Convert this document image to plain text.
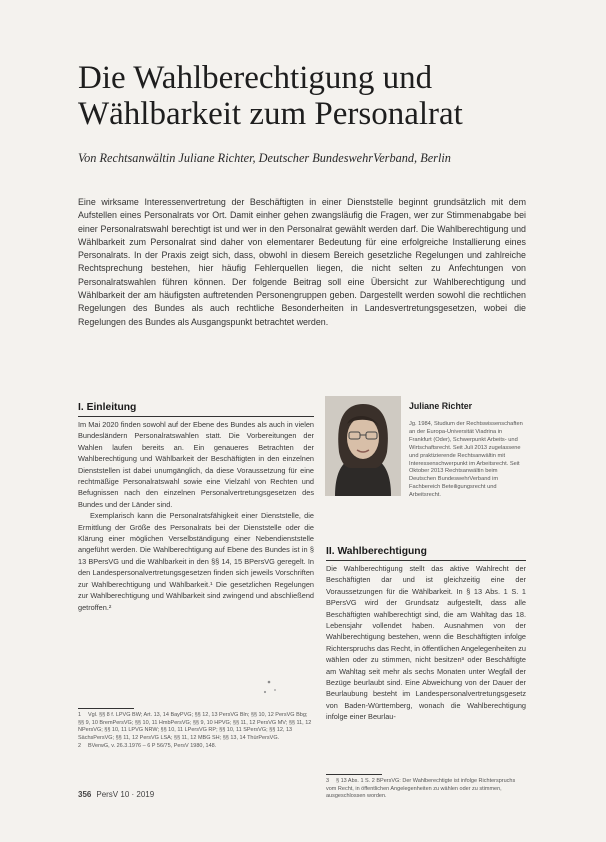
Die Wahlberechtigung und Wählbarkeit zum Personalrat

Von Rechtsanwältin Juliane Richter, Deutscher BundeswehrVerband, Berlin

Eine wirksame Interessenvertretung der Beschäftigten in einer Dienststelle beginnt grundsätzlich mit dem Aufstellen eines Personalrats vor Ort. Damit einher gehen zwangsläufig die Fragen, wer zur Stimmenabgabe bei einer Personalratswahl berechtigt ist und wer in den Personalrat gewählt werden darf. Die Wahlberechtigung und Wählbarkeit zum Personalrat sind daher von elementarer Bedeutung für eine erfolgreiche Installierung eines Personalrats. In der Praxis zeigt sich, dass, obwohl in diesem Bereich gesetzliche Regelungen und zahlreiche Rechtsprechung bestehen, hier häufig Fehlerquellen liegen, die nicht selten zu Anfechtungen von Personalratswahlen führen können. Der folgende Beitrag soll eine Übersicht zur Wahlberechtigung und Wählbarkeit der am häufigsten auftretenden Personengruppen geben. Dargestellt werden sowohl die rechtlichen Regelungen des Bundes als auch rechtliche Besonderheiten in Landesvertretungsgesetzen, wobei die Regelungen des Bundes als Ausgangspunkt betrachtet werden.

I. Einleitung

Im Mai 2020 finden sowohl auf der Ebene des Bundes als auch in vielen Bundesländern Personalratswahlen statt. Die Vorbereitungen der Wahlen laufen bereits an. Ein genaueres Betrachten der Wahlberechtigung und Wählbarkeit der Beschäftigten in den einzelnen Dienststellen ist dabei unumgänglich, da diese Voraussetzung für eine rechtmäßige Personalratswahl sowie eine Vielzahl von Rechten und Befugnissen nach den einzelnen Personalvertretungsgesetzen des Bundes und der Länder sind.

Exemplarisch kann die Personalratsfähigkeit einer Dienststelle, die Ermittlung der Größe des Personalrats bei der Dienststelle oder die Klärung einer möglichen Verselbständigung einer Nebendienststelle angeführt werden. Die Wahlberechtigung auf Ebene des Bundes ist in § 13 BPersVG und die Wählbarkeit in den §§ 14, 15 BPersVG geregelt. In den Landespersonalvertretungsgesetzen finden sich jeweils Vorschriften zur Wahlberechtigung und Wählbarkeit.¹ Die gesetzlichen Regelungen zur Wahlberechtigung und Wählbarkeit sind zwingend und abschließend getroffen.²

1 Vgl. §§ 8 f. LPVG BW; Art. 13, 14 BayPVG; §§ 12, 13 PersVG Bln; §§ 10, 12 PersVG Bbg; §§ 9, 10 BremPersVG; §§ 10, 11 HmbPersVG; §§ 9, 10 HPVG; §§ 11, 12 PersVG MV; §§ 11, 12 NPersVG; §§ 10, 11 LPVG NRW; §§ 10, 11 LPersVG RP; §§ 10, 11 SPersVG; §§ 12, 13 SächsPersVG; §§ 11, 12 PersVG LSA; §§ 11, 12 MBG SH; §§ 13, 14 ThürPersVG.

2 BVerwG, v. 26.3.1976 – 6 P 56/75, PersV 1980, 148.

Juliane Richter

Jg. 1984, Studium der Rechtswissenschaften an der Europa-Universität Viadrina in Frankfurt (Oder), Schwerpunkt Arbeits- und Wirtschaftsrecht. Seit Juli 2013 zugelassene und praktizierende Rechtsanwältin mit Interessenschwerpunkt im Arbeitsrecht. Seit Oktober 2013 Rechtsanwältin beim Deutschen BundeswehrVerband im Fachbereich Beteiligungsrecht und Arbeitsrecht.

II. Wahlberechtigung

Die Wahlberechtigung stellt das aktive Wahlrecht der Beschäftigten dar und ist gleichzeitig eine der Voraussetzungen für die Wählbarkeit. In § 13 Abs. 1 S. 1 BPersVG wird der Grundsatz aufgestellt, dass alle Beschäftigten wahlberechtigt sind, die am Wahltag das 18. Lebensjahr vollendet haben. Ausnahmen von der Wahlberechtigung bestehen, wenn die Beschäftigten infolge Richterspruchs das Recht, in öffentlichen Angelegenheiten zu wählen oder zu stimmen, nicht besitzen³ oder Beschäftigte am Wahltag seit mehr als sechs Monaten unter Wegfall der Bezüge beurlaubt sind. Eine Abweichung von der Dauer der Beurlaubung besteht im Landespersonalvertretungsgesetz von Baden-Württemberg, wonach die Wahlberechtigung infolge einer Beurlau-

3 § 13 Abs. 1 S. 2 BPersVG: Der Wahlberechtigte ist infolge Richterspruchs vom Recht, in öffentlichen Angelegenheiten zu wählen oder zu stimmen, ausgeschlossen worden.

356 PersV 10 · 2019
